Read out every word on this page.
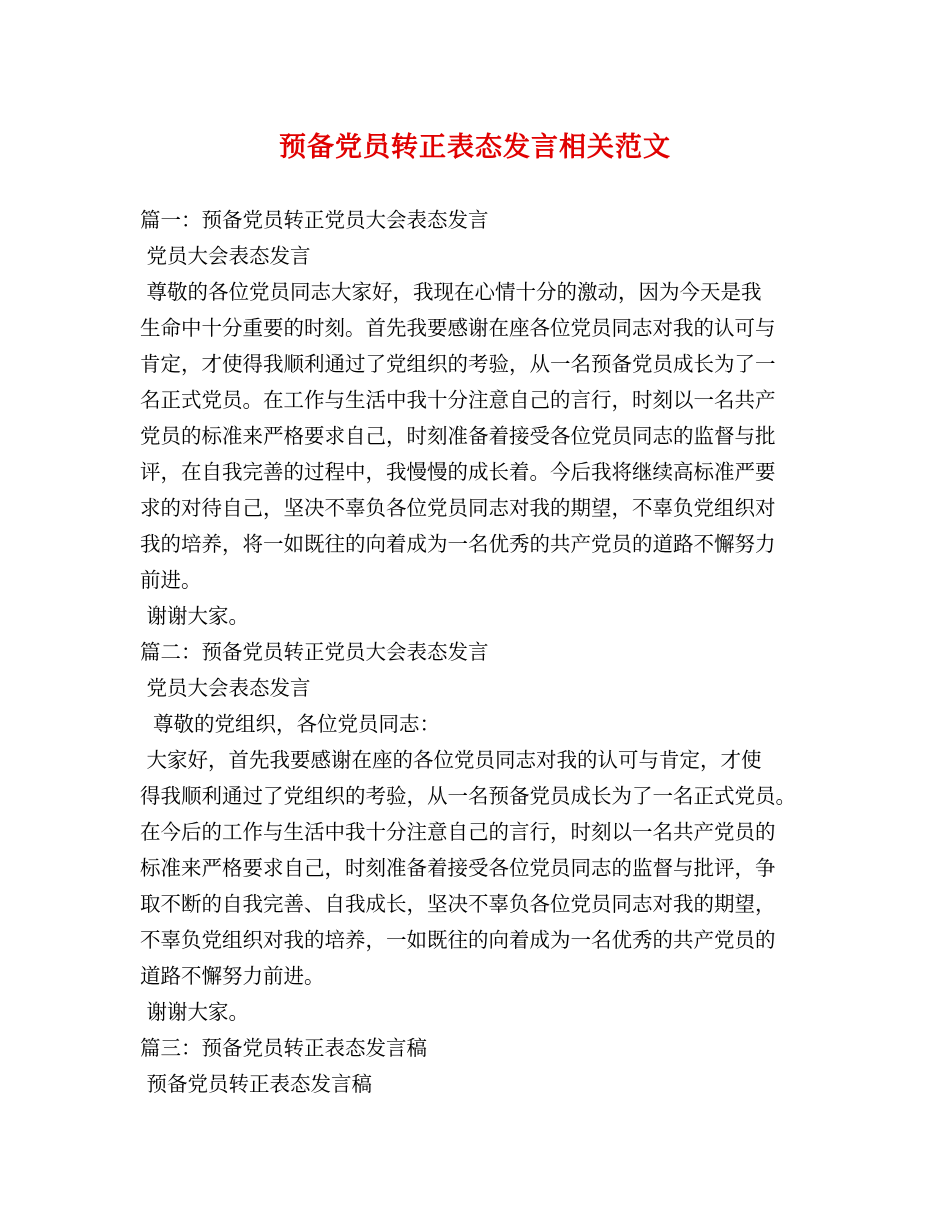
预备党员转正表态发言相关范文
篇一：预备党员转正党员大会表态发言
党员大会表态发言
尊敬的各位党员同志大家好，我现在心情十分的激动，因为今天是我
生命中十分重要的时刻。首先我要感谢在座各位党员同志对我的认可与
肯定，才使得我顺利通过了党组织的考验，从一名预备党员成长为了一
名正式党员。在工作与生活中我十分注意自己的言行，时刻以一名共产
党员的标准来严格要求自己，时刻准备着接受各位党员同志的监督与批
评，在自我完善的过程中，我慢慢的成长着。今后我将继续高标准严要
求的对待自己，坚决不辜负各位党员同志对我的期望，不辜负党组织对
我的培养，将一如既往的向着成为一名优秀的共产党员的道路不懈努力
前进。
谢谢大家。
篇二：预备党员转正党员大会表态发言
党员大会表态发言
尊敬的党组织，各位党员同志：
大家好，首先我要感谢在座的各位党员同志对我的认可与肯定，才使
得我顺利通过了党组织的考验，从一名预备党员成长为了一名正式党员。
在今后的工作与生活中我十分注意自己的言行，时刻以一名共产党员的
标准来严格要求自己，时刻准备着接受各位党员同志的监督与批评，争
取不断的自我完善、自我成长，坚决不辜负各位党员同志对我的期望，
不辜负党组织对我的培养，一如既往的向着成为一名优秀的共产党员的
道路不懈努力前进。
谢谢大家。
篇三：预备党员转正表态发言稿
预备党员转正表态发言稿
